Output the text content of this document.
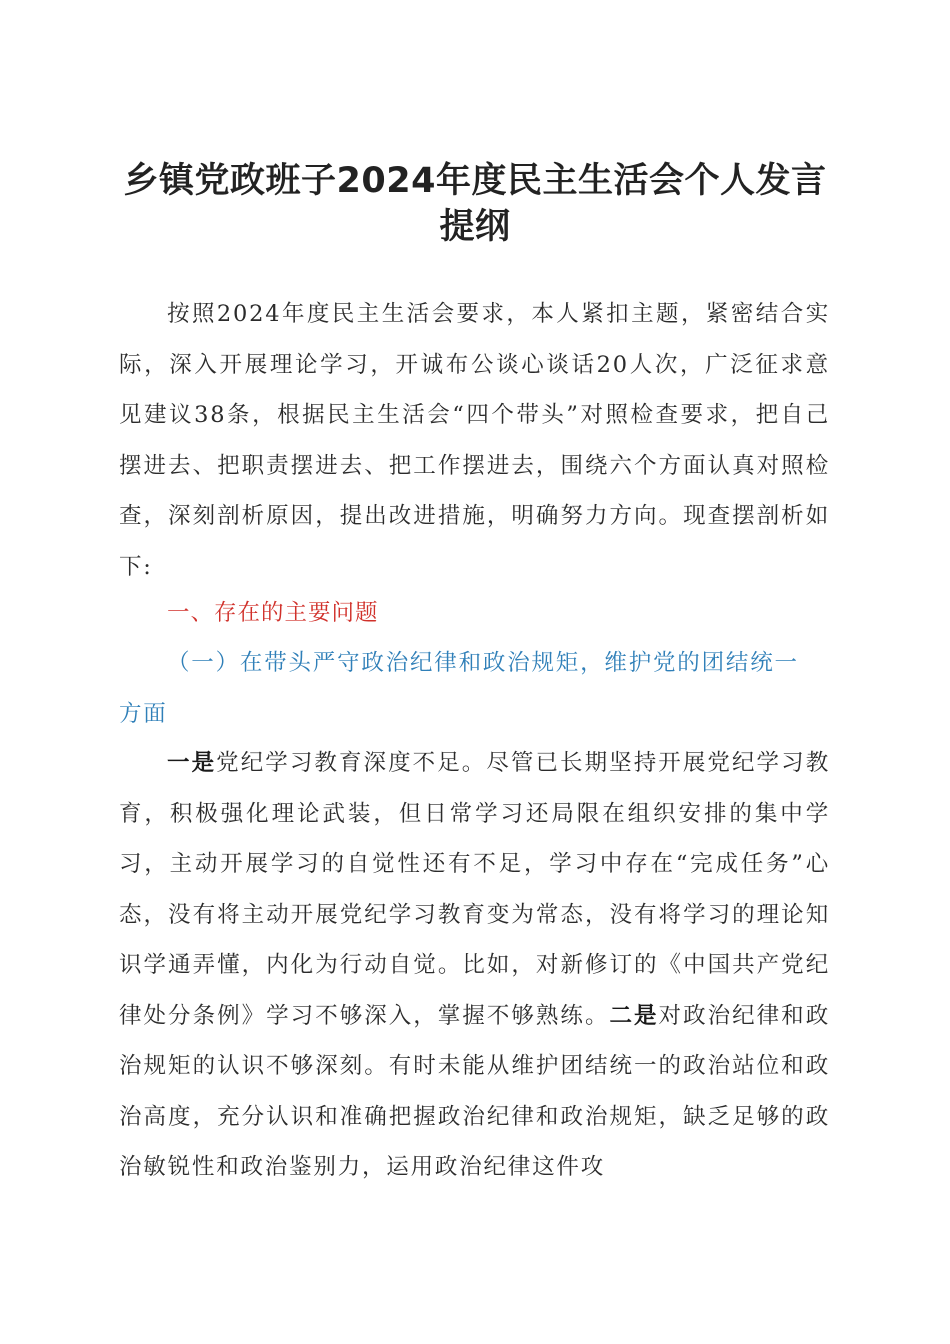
乡镇党政班子2024年度民主生活会个人发言提纲
按照2024年度民主生活会要求，本人紧扣主题，紧密结合实际，深入开展理论学习，开诚布公谈心谈话20人次，广泛征求意见建议38条，根据民主生活会“四个带头”对照检查要求，把自己摆进去、把职责摆进去、把工作摆进去，围绕六个方面认真对照检查，深刻剖析原因，提出改进措施，明确努力方向。现查摆剖析如下:
一、存在的主要问题
（一）在带头严守政治纪律和政治规矩，维护党的团结统一方面
一是党纪学习教育深度不足。尽管已长期坚持开展党纪学习教育，积极强化理论武装，但日常学习还局限在组织安排的集中学习，主动开展学习的自觉性还有不足，学习中存在“完成任务”心态，没有将主动开展党纪学习教育变为常态，没有将学习的理论知识学通弄懂，内化为行动自觉。比如，对新修订的《中国共产党纪律处分条例》学习不够深入，掌握不够熟练。二是对政治纪律和政治规矩的认识不够深刻。有时未能从维护团结统一的政治站位和政治高度，充分认识和准确把握政治纪律和政治规矩，缺乏足够的政治敏锐性和政治鉴别力，运用政治纪律这件攻
